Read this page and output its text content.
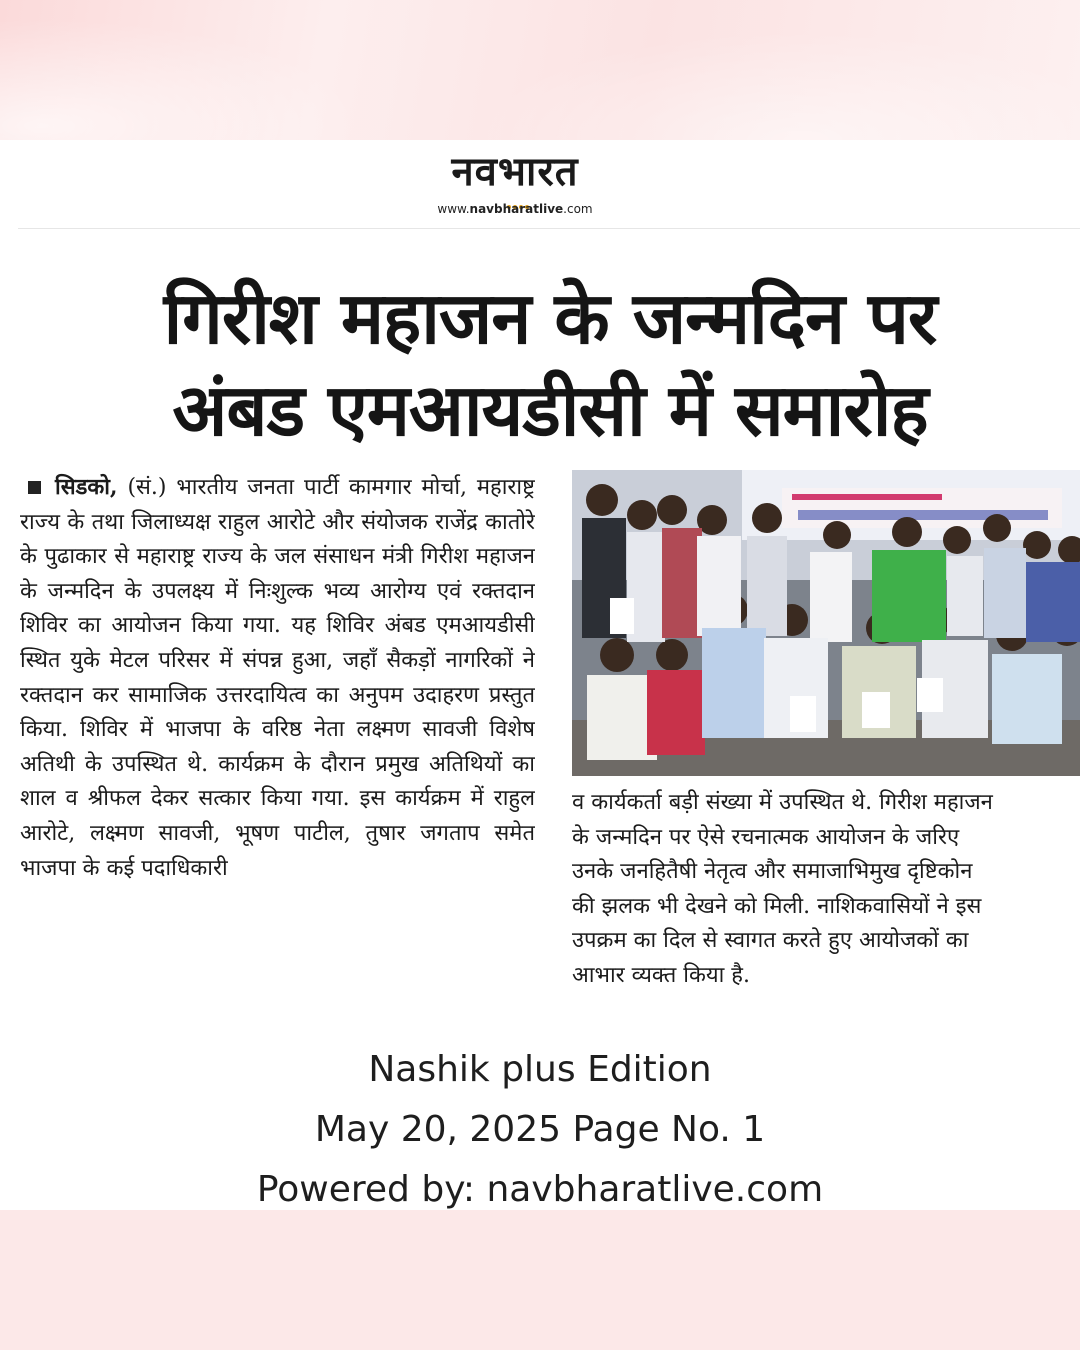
नवभारत
www.navbharatlive.com
गिरीश महाजन के जन्मदिन पर
अंबड एमआयडीसी में समारोह
सिडको, (सं.) भारतीय जनता पार्टी कामगार मोर्चा, महाराष्ट्र राज्य के तथा जिलाध्यक्ष राहुल आरोटे और संयोजक राजेंद्र कातोरे के पुढाकार से महाराष्ट्र राज्य के जल संसाधन मंत्री गिरीश महाजन के जन्मदिन के उपलक्ष्य में निःशुल्क भव्य आरोग्य एवं रक्तदान शिविर का आयोजन किया गया. यह शिविर अंबड एमआयडीसी स्थित युके मेटल परिसर में संपन्न हुआ, जहाँ सैकड़ों नागरिकों ने रक्तदान कर सामाजिक उत्तरदायित्व का अनुपम उदाहरण प्रस्तुत किया. शिविर में भाजपा के वरिष्ठ नेता लक्ष्मण सावजी विशेष अतिथी के उपस्थित थे. कार्यक्रम के दौरान प्रमुख अतिथियों का शाल व श्रीफल देकर सत्कार किया गया. इस कार्यक्रम में राहुल आरोटे, लक्ष्मण सावजी, भूषण पाटील, तुषार जगताप समेत भाजपा के कई पदाधिकारी
व कार्यकर्ता बड़ी संख्या में उपस्थित थे. गिरीश महाजन
के जन्मदिन पर ऐसे रचनात्मक आयोजन के जरिए
उनके जनहितैषी नेतृत्व और समाजाभिमुख दृष्टिकोन
की झलक भी देखने को मिली. नाशिकवासियों ने इस
उपक्रम का दिल से स्वागत करते हुए आयोजकों का
आभार व्यक्त किया है.
Nashik plus Edition
May 20, 2025 Page No. 1
Powered by: navbharatlive.com
